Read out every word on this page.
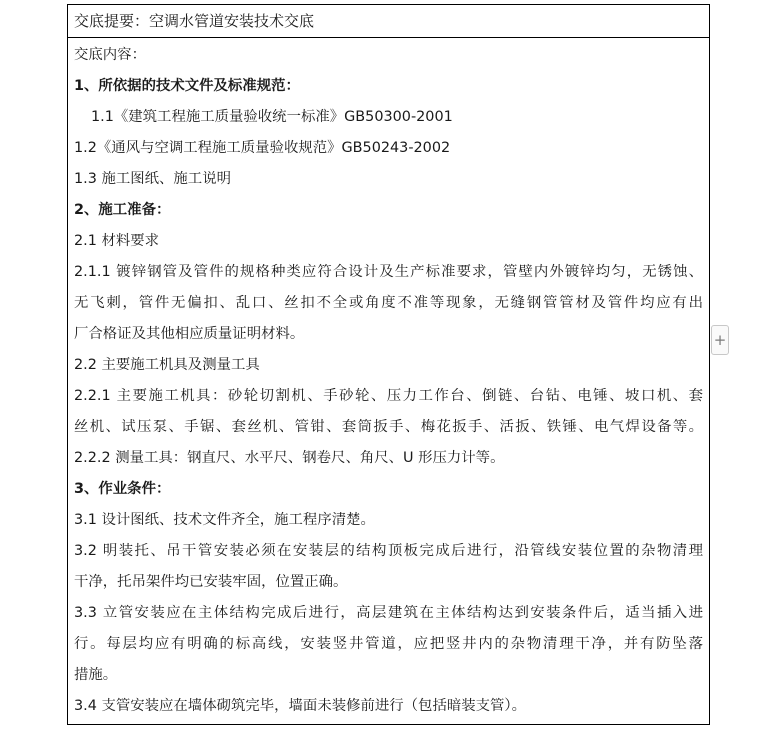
交底提要：空调水管道安装技术交底
交底内容：
1、所依据的技术文件及标准规范：
1.1《建筑工程施工质量验收统一标准》GB50300-2001
1.2《通风与空调工程施工质量验收规范》GB50243-2002
1.3 施工图纸、施工说明
2、施工准备：
2.1 材料要求
2.1.1 镀锌钢管及管件的规格种类应符合设计及生产标准要求，管壁内外镀锌均匀，无锈蚀、
无飞刺，管件无偏扣、乱口、丝扣不全或角度不准等现象，无缝钢管管材及管件均应有出
厂合格证及其他相应质量证明材料。
2.2 主要施工机具及测量工具
2.2.1 主要施工机具：砂轮切割机、手砂轮、压力工作台、倒链、台钻、电锤、坡口机、套
丝机、试压泵、手锯、套丝机、管钳、套筒扳手、梅花扳手、活扳、铁锤、电气焊设备等。
2.2.2 测量工具：钢直尺、水平尺、钢卷尺、角尺、U 形压力计等。
3、作业条件：
3.1 设计图纸、技术文件齐全，施工程序清楚。
3.2 明装托、吊干管安装必须在安装层的结构顶板完成后进行，沿管线安装位置的杂物清理
干净，托吊架件均已安装牢固，位置正确。
3.3 立管安装应在主体结构完成后进行，高层建筑在主体结构达到安装条件后，适当插入进
行。每层均应有明确的标高线，安装竖井管道，应把竖井内的杂物清理干净，并有防坠落
措施。
3.4 支管安装应在墙体砌筑完毕，墙面未装修前进行（包括暗装支管）。
+
